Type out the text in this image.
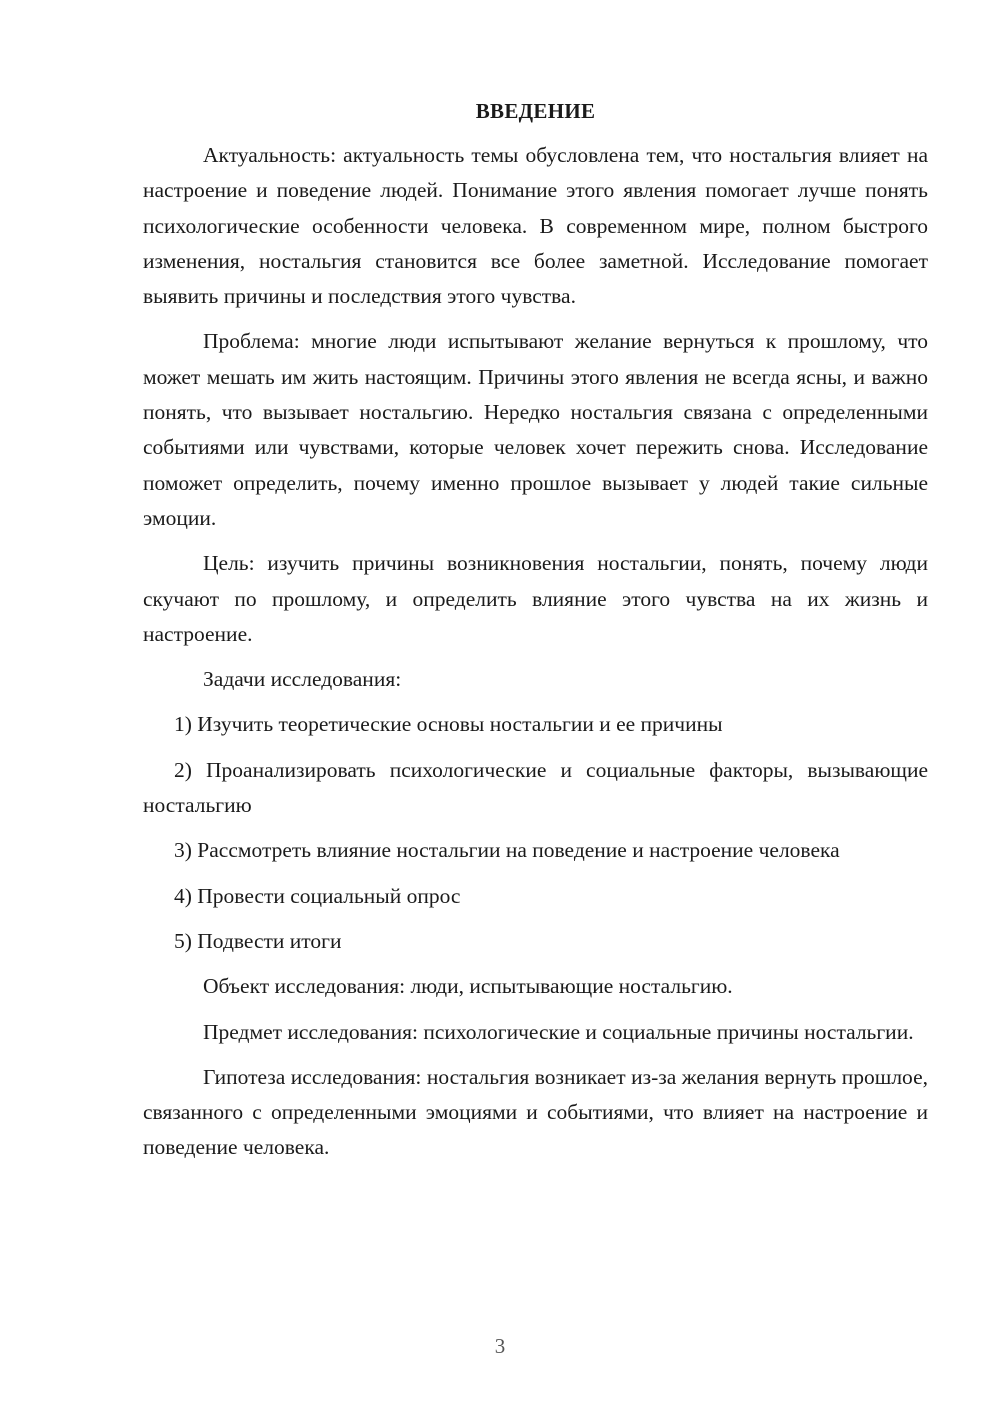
ВВЕДЕНИЕ

Актуальность: актуальность темы обусловлена тем, что ностальгия влияет на настроение и поведение людей. Понимание этого явления помогает лучше понять психологические особенности человека. В современном мире, полном быстрого изменения, ностальгия становится все более заметной. Исследование помогает выявить причины и последствия этого чувства.

Проблема: многие люди испытывают желание вернуться к прошлому, что может мешать им жить настоящим. Причины этого явления не всегда ясны, и важно понять, что вызывает ностальгию. Нередко ностальгия связана с определенными событиями или чувствами, которые человек хочет пережить снова. Исследование поможет определить, почему именно прошлое вызывает у людей такие сильные эмоции.

Цель: изучить причины возникновения ностальгии, понять, почему люди скучают по прошлому, и определить влияние этого чувства на их жизнь и настроение.

Задачи исследования:

1) Изучить теоретические основы ностальгии и ее причины

2) Проанализировать психологические и социальные факторы, вызывающие ностальгию

3) Рассмотреть влияние ностальгии на поведение и настроение человека

4) Провести социальный опрос

5) Подвести итоги

Объект исследования: люди, испытывающие ностальгию.

Предмет исследования: психологические и социальные причины ностальгии.

Гипотеза исследования: ностальгия возникает из-за желания вернуть прошлое, связанного с определенными эмоциями и событиями, что влияет на настроение и поведение человека.

3
